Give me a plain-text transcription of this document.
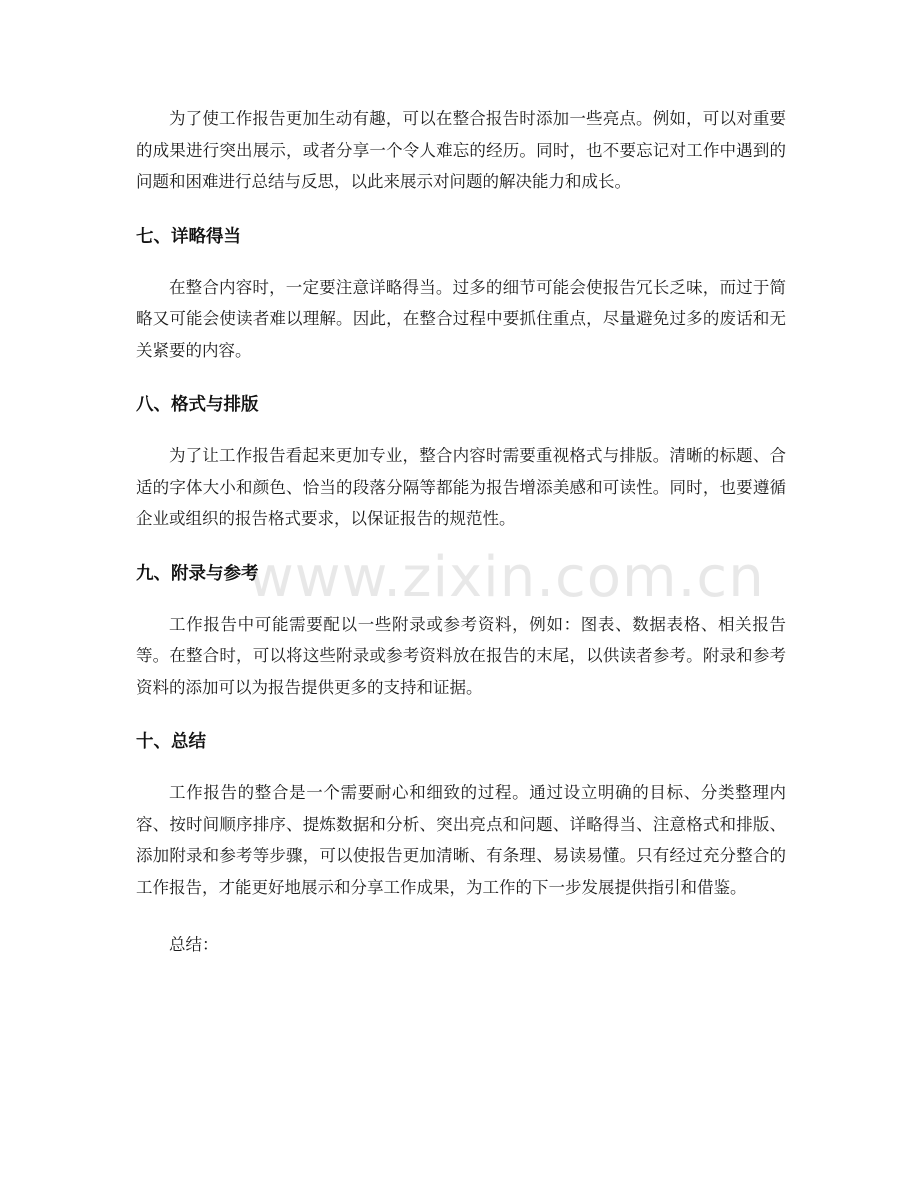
为了使工作报告更加生动有趣，可以在整合报告时添加一些亮点。例如，可以对重要的成果进行突出展示，或者分享一个令人难忘的经历。同时，也不要忘记对工作中遇到的问题和困难进行总结与反思，以此来展示对问题的解决能力和成长。

七、详略得当

在整合内容时，一定要注意详略得当。过多的细节可能会使报告冗长乏味，而过于简略又可能会使读者难以理解。因此，在整合过程中要抓住重点，尽量避免过多的废话和无关紧要的内容。

八、格式与排版

为了让工作报告看起来更加专业，整合内容时需要重视格式与排版。清晰的标题、合适的字体大小和颜色、恰当的段落分隔等都能为报告增添美感和可读性。同时，也要遵循企业或组织的报告格式要求，以保证报告的规范性。

九、附录与参考

工作报告中可能需要配以一些附录或参考资料，例如：图表、数据表格、相关报告等。在整合时，可以将这些附录或参考资料放在报告的末尾，以供读者参考。附录和参考资料的添加可以为报告提供更多的支持和证据。

十、总结

工作报告的整合是一个需要耐心和细致的过程。通过设立明确的目标、分类整理内容、按时间顺序排序、提炼数据和分析、突出亮点和问题、详略得当、注意格式和排版、添加附录和参考等步骤，可以使报告更加清晰、有条理、易读易懂。只有经过充分整合的工作报告，才能更好地展示和分享工作成果，为工作的下一步发展提供指引和借鉴。

总结：

www.zixin.com.cn
